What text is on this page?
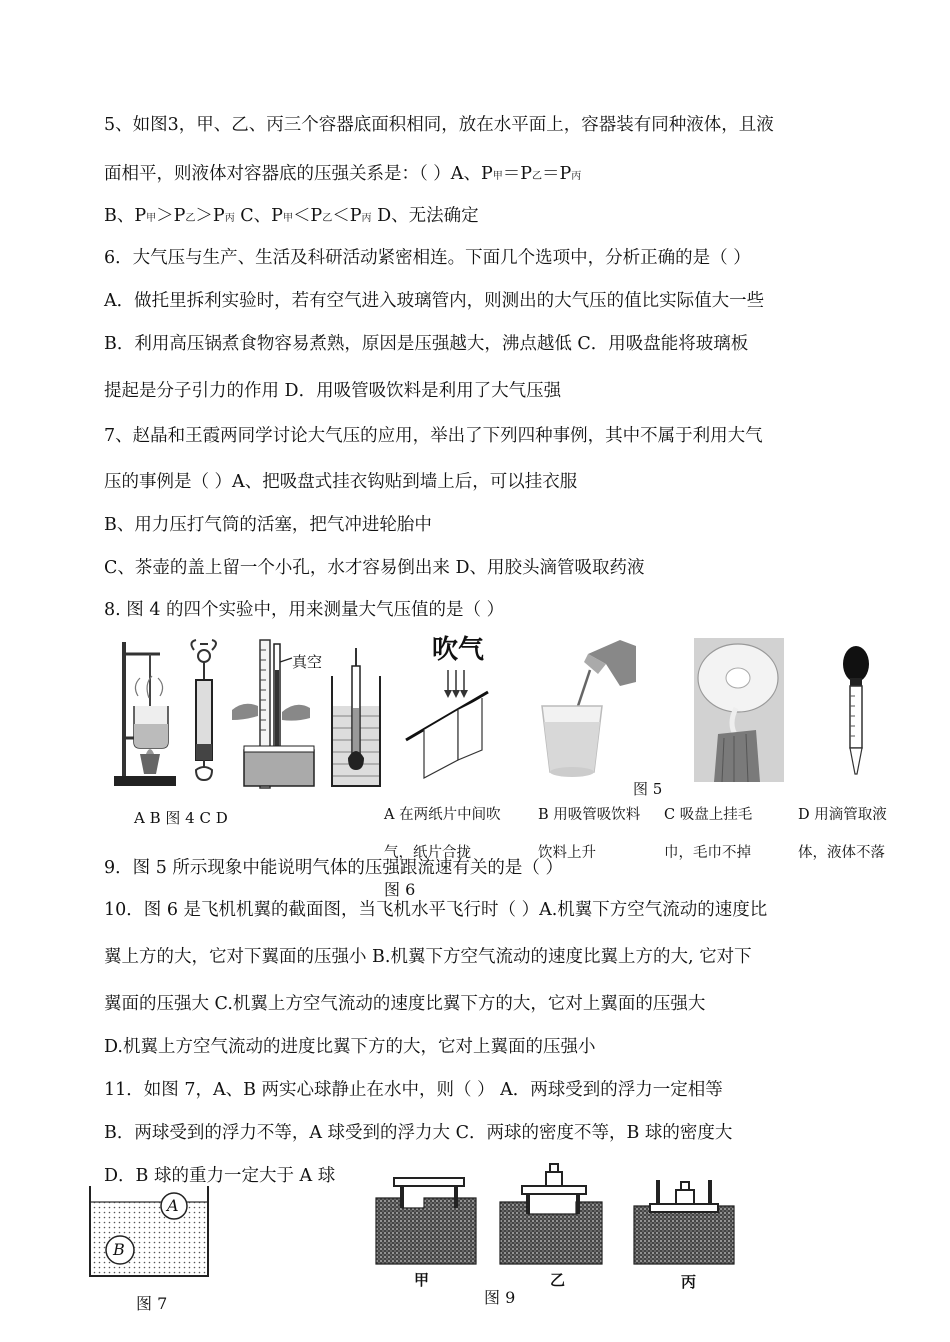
5、如图3，甲、乙、丙三个容器底面积相同，放在水平面上，容器装有同种液体，且液
面相平，则液体对容器底的压强关系是：（ ）A、P甲＝P乙＝P丙
B、P甲＞P乙＞P丙 C、P甲＜P乙＜P丙 D、无法确定
6．大气压与生产、生活及科研活动紧密相连。下面几个选项中，分析正确的是（ ）
A．做托里拆利实验时，若有空气进入玻璃管内，则测出的大气压的值比实际值大一些
B．利用高压锅煮食物容易煮熟，原因是压强越大，沸点越低 C．用吸盘能将玻璃板
提起是分子引力的作用 D．用吸管吸饮料是利用了大气压强
7、赵晶和王霞两同学讨论大气压的应用，举出了下列四种事例，其中不属于利用大气
压的事例是（ ）A、把吸盘式挂衣钩贴到墙上后，可以挂衣服
B、用力压打气筒的活塞，把气冲进轮胎中
C、茶壶的盖上留一个小孔，水才容易倒出来 D、用胶头滴管吸取药液
8. 图 4 的四个实验中，用来测量大气压值的是（ ）
真空
A B 图 4 C D
吹气
图 5
A 在两纸片中间吹气，纸片合拢
B 用吸管吸饮料饮料上升
C 吸盘上挂毛巾，毛巾不掉
D 用滴管取液体，液体不落
9．图 5 所示现象中能说明气体的压强跟流速有关的是（ ）
图 6
10．图 6 是飞机机翼的截面图，当飞机水平飞行时（ ）A.机翼下方空气流动的速度比
翼上方的大，它对下翼面的压强小 B.机翼下方空气流动的速度比翼上方的大, 它对下
翼面的压强大 C.机翼上方空气流动的速度比翼下方的大，它对上翼面的压强大
D.机翼上方空气流动的进度比翼下方的大，它对上翼面的压强小
11．如图 7，A、B 两实心球静止在水中，则（ ） A．两球受到的浮力一定相等
B．两球受到的浮力不等，A 球受到的浮力大 C．两球的密度不等，B 球的密度大
D．B 球的重力一定大于 A 球
A
B
图 7
甲	乙	丙
图 9
